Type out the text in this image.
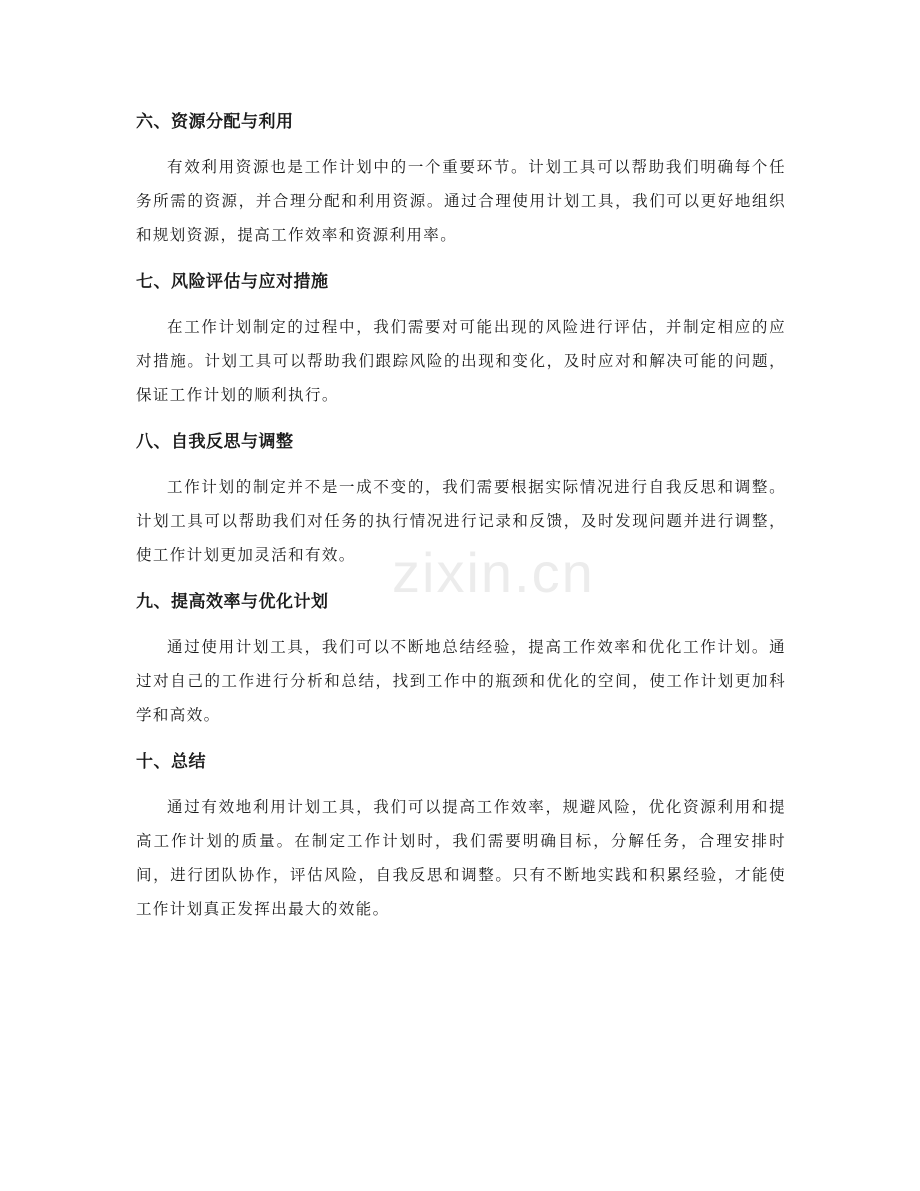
zixin.cn
六、资源分配与利用

有效利用资源也是工作计划中的一个重要环节。计划工具可以帮助我们明确每个任务所需的资源，并合理分配和利用资源。通过合理使用计划工具，我们可以更好地组织和规划资源，提高工作效率和资源利用率。

七、风险评估与应对措施

在工作计划制定的过程中，我们需要对可能出现的风险进行评估，并制定相应的应对措施。计划工具可以帮助我们跟踪风险的出现和变化，及时应对和解决可能的问题，保证工作计划的顺利执行。

八、自我反思与调整

工作计划的制定并不是一成不变的，我们需要根据实际情况进行自我反思和调整。计划工具可以帮助我们对任务的执行情况进行记录和反馈，及时发现问题并进行调整，使工作计划更加灵活和有效。

九、提高效率与优化计划

通过使用计划工具，我们可以不断地总结经验，提高工作效率和优化工作计划。通过对自己的工作进行分析和总结，找到工作中的瓶颈和优化的空间，使工作计划更加科学和高效。

十、总结

通过有效地利用计划工具，我们可以提高工作效率，规避风险，优化资源利用和提高工作计划的质量。在制定工作计划时，我们需要明确目标，分解任务，合理安排时间，进行团队协作，评估风险，自我反思和调整。只有不断地实践和积累经验，才能使工作计划真正发挥出最大的效能。
